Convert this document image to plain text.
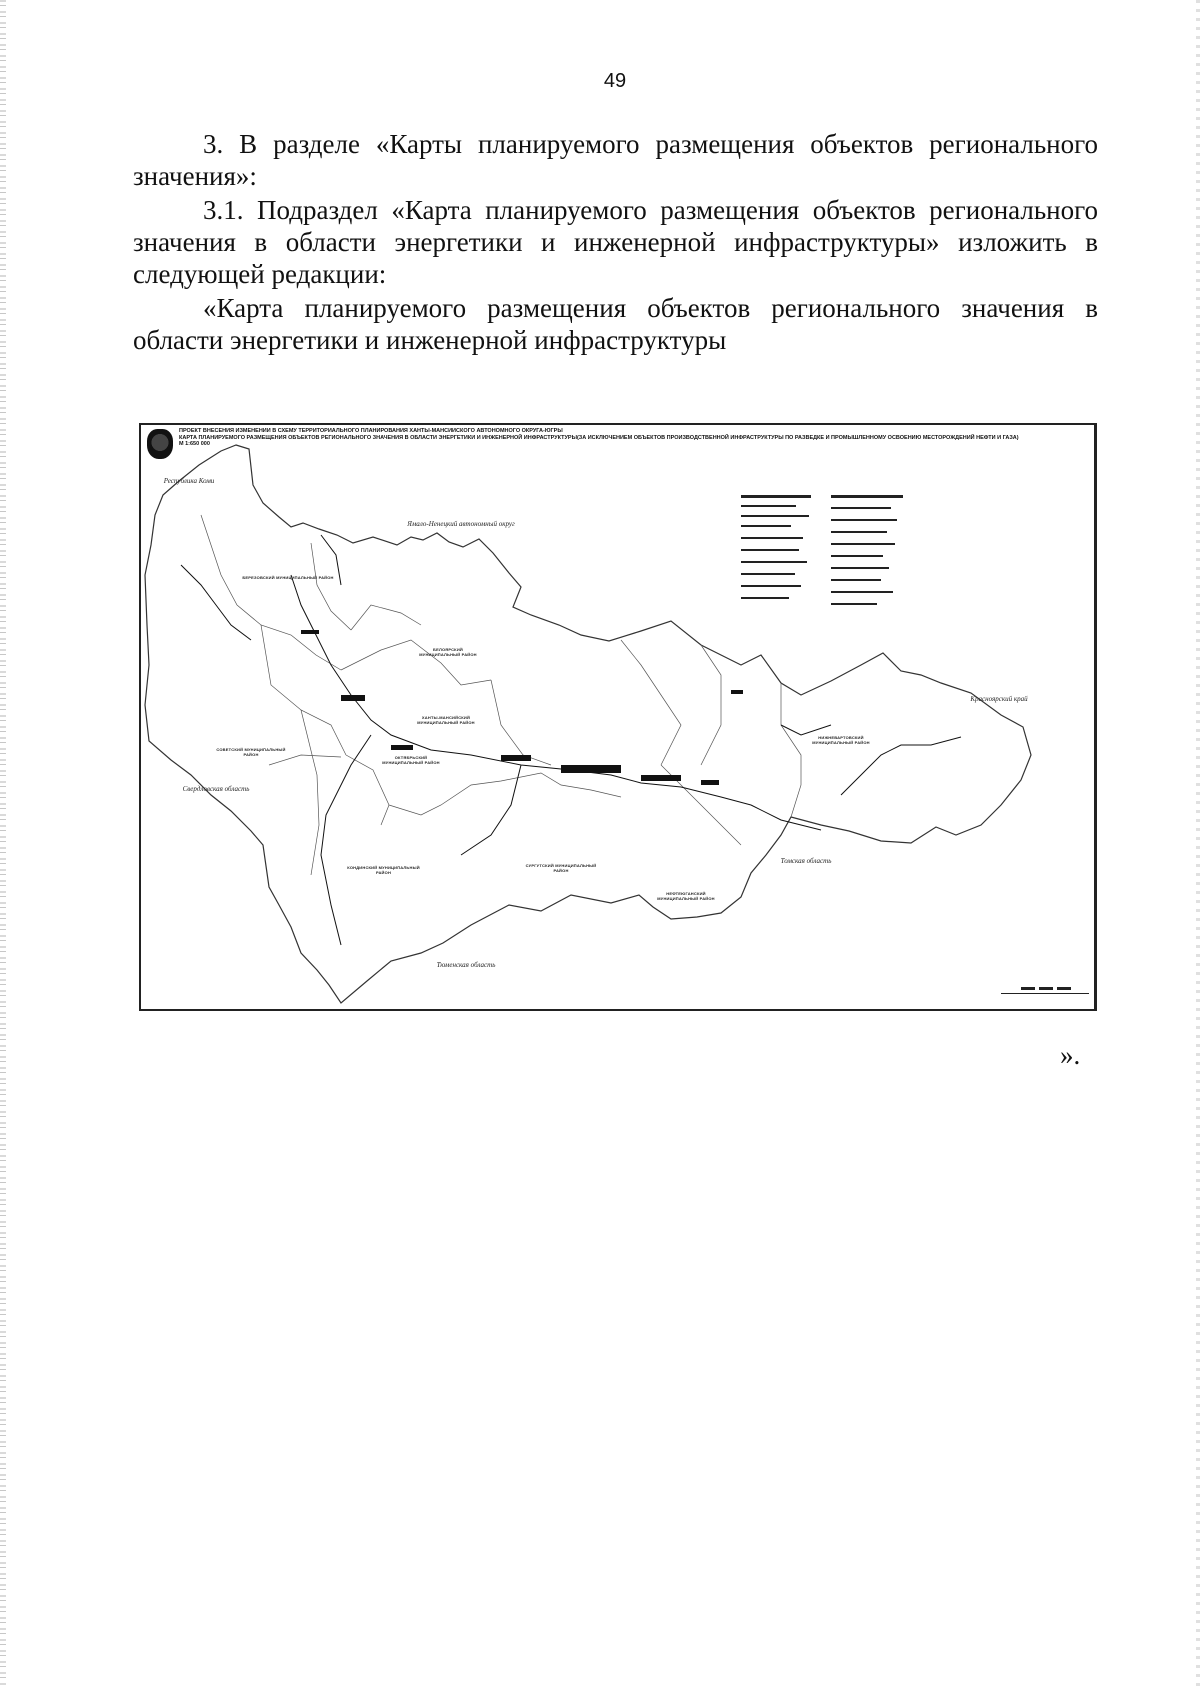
49

3. В разделе «Карты планируемого размещения объектов регионального значения»:

3.1. Подраздел «Карта планируемого размещения объектов регионального значения в области энергетики и инженерной инфраструктуры» изложить в следующей редакции:

«Карта планируемого размещения объектов регионального значения в области энергетики и инженерной инфраструктуры

ПРОЕКТ ВНЕСЕНИЯ ИЗМЕНЕНИЙ В СХЕМУ ТЕРРИТОРИАЛЬНОГО ПЛАНИРОВАНИЯ ХАНТЫ-МАНСИЙСКОГО АВТОНОМНОГО ОКРУГА-ЮГРЫ
КАРТА ПЛАНИРУЕМОГО РАЗМЕЩЕНИЯ ОБЪЕКТОВ РЕГИОНАЛЬНОГО ЗНАЧЕНИЯ В ОБЛАСТИ ЭНЕРГЕТИКИ И ИНЖЕНЕРНОЙ ИНФРАСТРУКТУРЫ(ЗА ИСКЛЮЧЕНИЕМ ОБЪЕКТОВ ПРОИЗВОДСТВЕННОЙ ИНФРАСТРУКТУРЫ ПО РАЗВЕДКЕ И ПРОМЫШЛЕННОМУ ОСВОЕНИЮ МЕСТОРОЖДЕНИЙ НЕФТИ И ГАЗА)
М 1:650 000
Республика Коми
Ямало-Ненецкий автономный округ
Красноярский край
Свердловская область
Тюменская область
Томская область
БЕРЕЗОВСКИЙ МУНИЦИПАЛЬНЫЙ РАЙОН
БЕЛОЯРСКИЙ МУНИЦИПАЛЬНЫЙ РАЙОН
ХАНТЫ-МАНСИЙСКИЙ МУНИЦИПАЛЬНЫЙ РАЙОН
ОКТЯБРЬСКИЙ МУНИЦИПАЛЬНЫЙ РАЙОН
СОВЕТСКИЙ МУНИЦИПАЛЬНЫЙ РАЙОН
КОНДИНСКИЙ МУНИЦИПАЛЬНЫЙ РАЙОН
НИЖНЕВАРТОВСКИЙ МУНИЦИПАЛЬНЫЙ РАЙОН
СУРГУТСКИЙ МУНИЦИПАЛЬНЫЙ РАЙОН
НЕФТЕЮГАНСКИЙ МУНИЦИПАЛЬНЫЙ РАЙОН
».
